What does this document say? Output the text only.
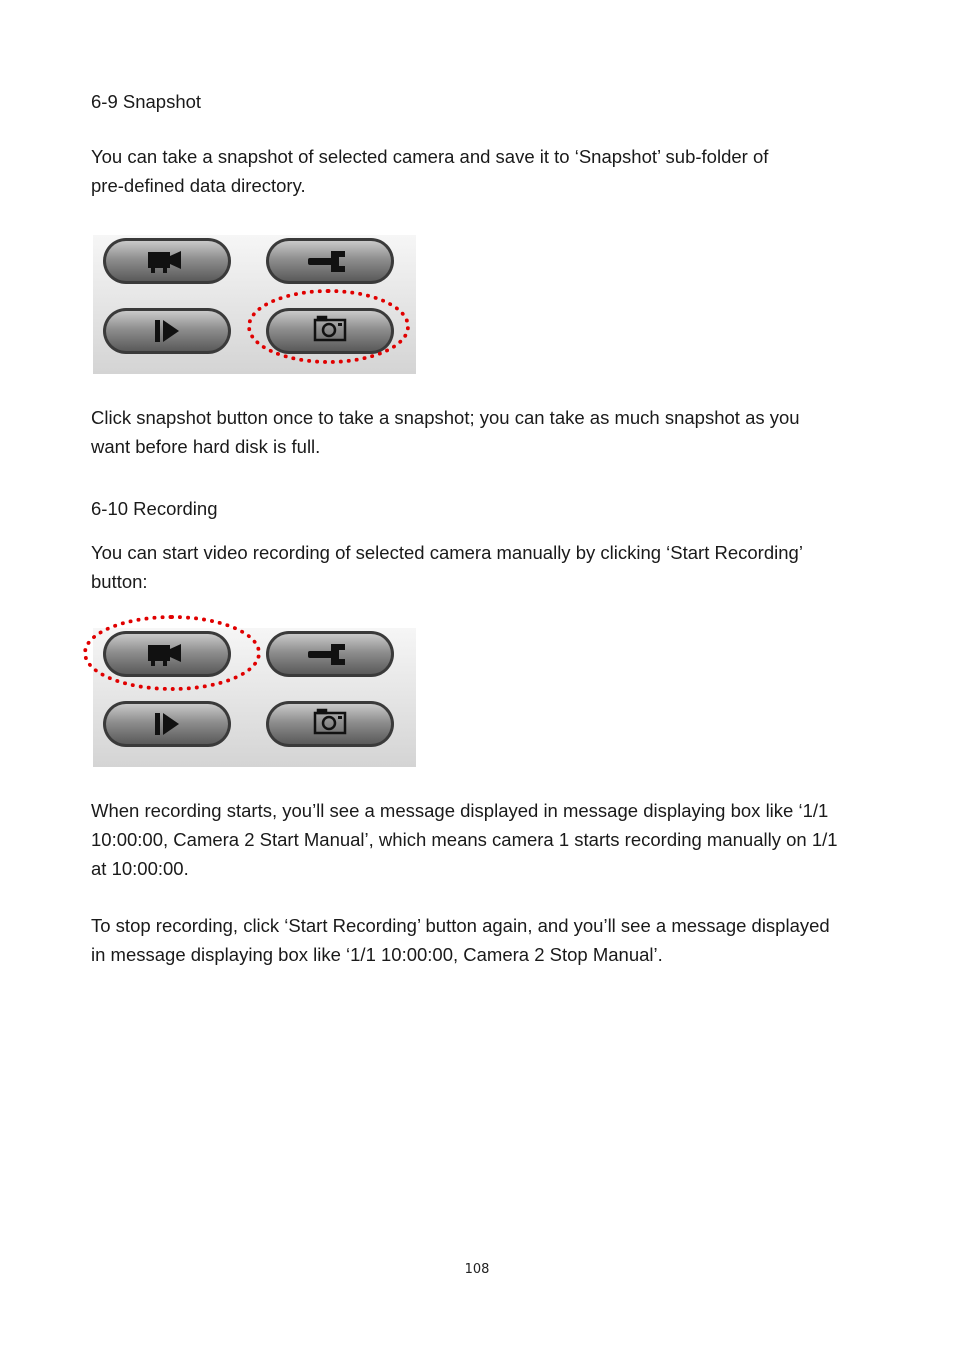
6-9 Snapshot

You can take a snapshot of selected camera and save it to ‘Snapshot’ sub-folder of

pre-defined data directory.

Click snapshot button once to take a snapshot; you can take as much snapshot as you

want before hard disk is full.

6-10 Recording

You can start video recording of selected camera manually by clicking ‘Start Recording’

button:

When recording starts, you’ll see a message displayed in message displaying box like ‘1/1

10:00:00, Camera 2 Start Manual’, which means camera 1 starts recording manually on 1/1

at 10:00:00.

To stop recording, click ‘Start Recording’ button again, and you’ll see a message displayed

in message displaying box like ‘1/1 10:00:00, Camera 2 Stop Manual’.

108
